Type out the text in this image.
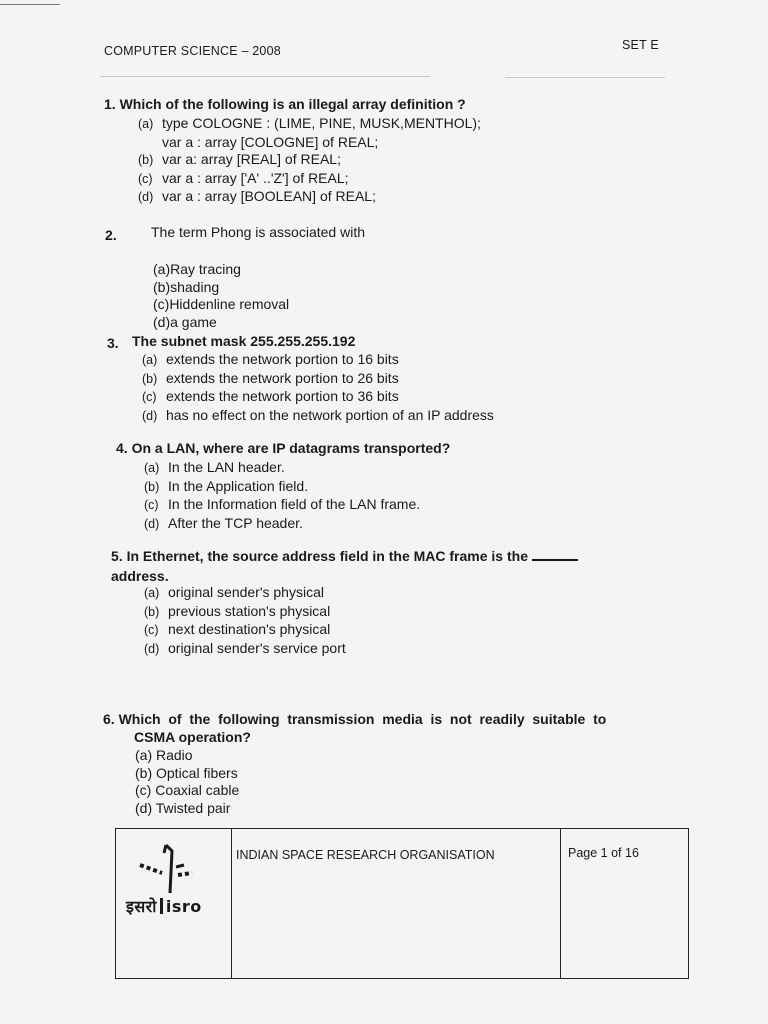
COMPUTER SCIENCE – 2008	SET E
1. Which of the following is an illegal array definition ?
(a) type COLOGNE : (LIME, PINE, MUSK,MENTHOL);
var a : array [COLOGNE] of REAL;
(b) var a: array [REAL] of REAL;
(c) var a : array ['A' ..'Z'] of REAL;
(d) var a : array [BOOLEAN] of REAL;
2. The term Phong is associated with
(a)Ray tracing
(b)shading
(c)Hiddenline removal
(d)a game
3. The subnet mask 255.255.255.192
(a) extends the network portion to 16 bits
(b) extends the network portion to 26 bits
(c) extends the network portion to 36 bits
(d) has no effect on the network portion of an IP address
4. On a LAN, where are IP datagrams transported?
(a) In the LAN header.
(b) In the Application field.
(c) In the Information field of the LAN frame.
(d) After the TCP header.
5. In Ethernet, the source address field in the MAC frame is the
address.
(a) original sender's physical
(b) previous station's physical
(c) next destination's physical
(d) original sender's service port
6. Which  of  the  following  transmission  media  is  not  readily  suitable  to
CSMA operation?
(a) Radio
(b) Optical fibers
(c) Coaxial cable
(d) Twisted pair
इसरो isro
INDIAN SPACE RESEARCH ORGANISATION	Page 1 of 16
